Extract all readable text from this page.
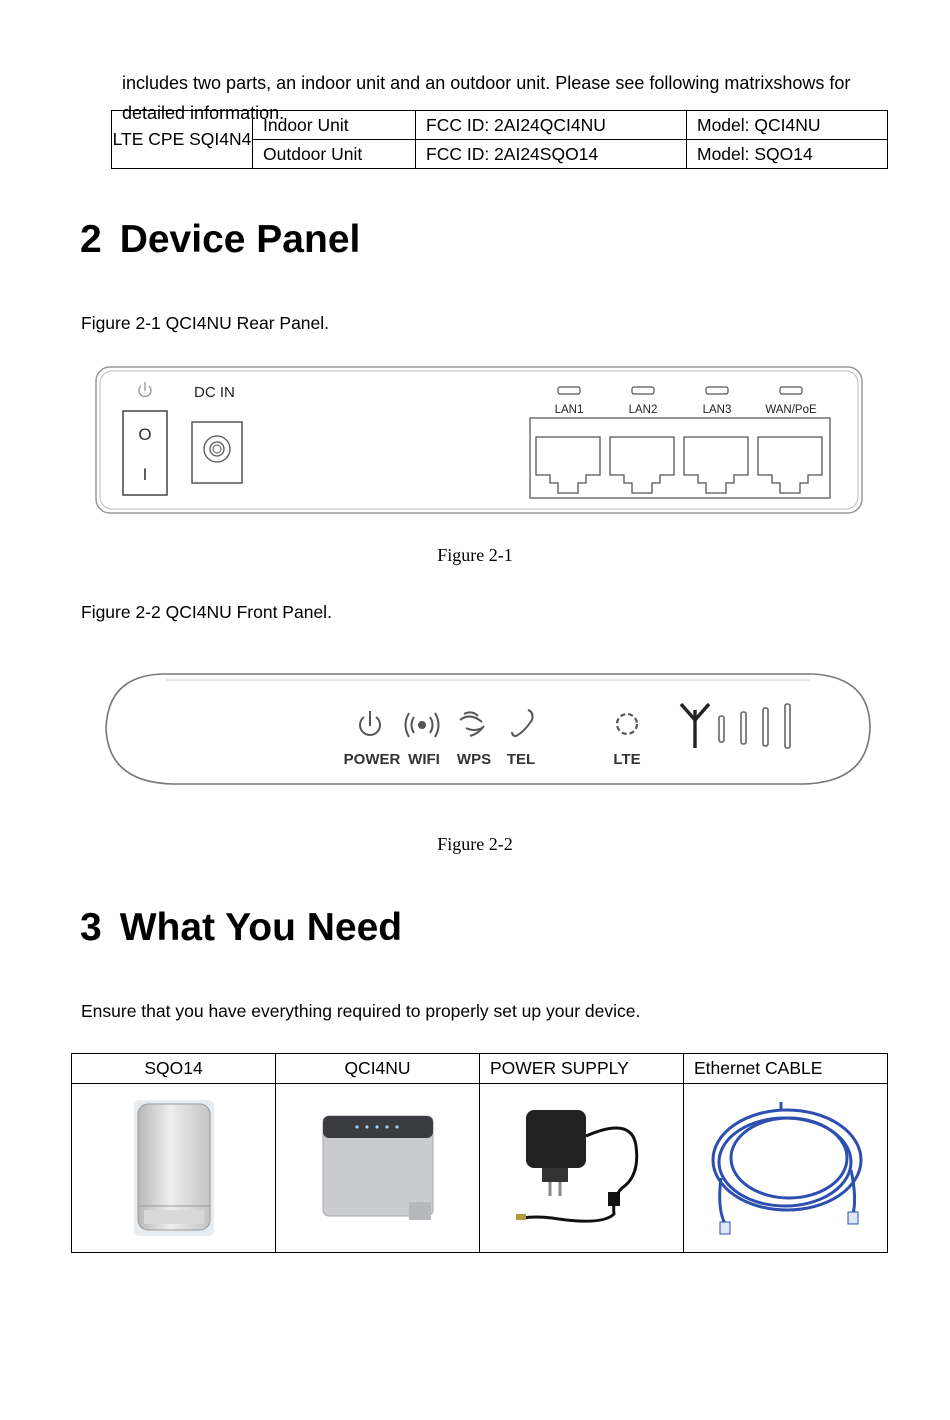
includes two parts, an indoor unit and an outdoor unit. Please see following matrixshows for detailed information.

LTE CPE SQI4N4	Indoor Unit	FCC ID: 2AI24QCI4NU	Model: QCI4NU
	Outdoor Unit	FCC ID: 2AI24SQO14	Model: SQO14
2 Device Panel

Figure 2-1 QCI4NU Rear Panel.

O
I
DC IN
LAN1	LAN2	LAN3	WAN/PoE
Figure 2-1

Figure 2-2 QCI4NU Front Panel.

POWER WIFI WPS TEL	LTE
Figure 2-2
3 What You Need

Ensure that you have everything required to properly set up your device.

SQO14	QCI4NU	POWER SUPPLY	Ethernet CABLE
